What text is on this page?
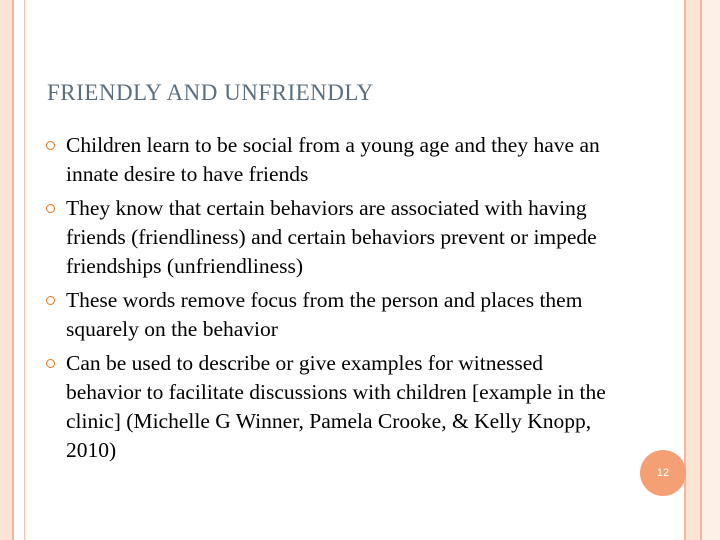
FRIENDLY AND UNFRIENDLY
Children learn to be social from a young age and they have an innate desire to have friends
They know that certain behaviors are associated with having friends (friendliness) and certain behaviors prevent or impede friendships (unfriendliness)
These words remove focus from the person and places them squarely on the behavior
Can be used to describe or give examples for witnessed behavior to facilitate discussions with children [example in the clinic] (Michelle G Winner, Pamela Crooke, & Kelly Knopp, 2010)
12
